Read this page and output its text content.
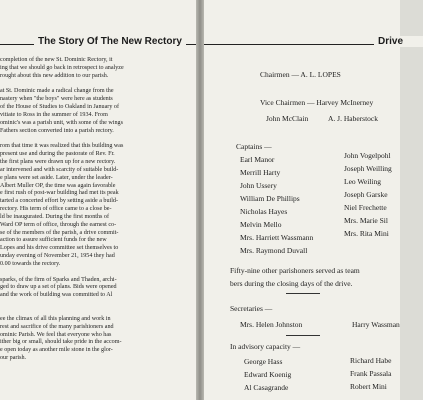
The Story Of The New Rectory
completion of the new St. Dominic Rectory, it
ing that we should go back in retrospect to analyze
rought about this new addition to our parish.
at St. Dominic made a radical change from the
nastery when "the boys" were here as students
of the House of Studies to Oakland in January of
vitiate to Ross in the summer of 1934. From
ominic's was a parish unit, with some of the wings
Fathers section converted into a parish rectory.
rom that time it was realized that this building was
present use and during the pastorate of Rev. Fr.
the first plans were drawn up for a new rectory.
ar intervened and with scarcity of suitable build-
e plans were set aside. Later, under the leader-
Albert Muller OP, the time was again favorable
e first rush of post-war building had met its peak
tarted a concerted effort by setting aside a build-
rectory. His term of office came to a close be-
ld be inaugurated. During the first months of
Ward OP term of office, through the earnest co-
se of the members of the parish, a drive commit-
action to assure sufficient funds for the new
Lopes and his drive committee set themselves to
unday evening of November 21, 1954 they had
0.00 towards the rectory.
sparks, of the firm of Sparks and Thaden, archi-
ged to draw up a set of plans. Bids were opened
and the work of building was committed to Al
ee the climax of all this planning and work in
rest and sacrifice of the many parishioners and
ominic Parish. We feel that everyone who has
ither big or small, should take pride in the accom-
e open today as another mile stone in the glor-
our parish.
Drive
Chairmen — A. L. LOPES
Vice Chairmen — Harvey McInerney
John McClain	A. J. Haberstock
Captains —
Earl Manor
Merrill Harty
John Ussery
William De Phillips
Nicholas Hayes
Melvin Mello
Mrs. Harriett Wassmann
Mrs. Raymond Duvall
John Vogelpohl
Joseph Weilling
Leo Weiling
Joseph Garske
Niel Frechette
Mrs. Marie Sil
Mrs. Rita Mini
Fifty-nine other parishoners served as team
bers during the closing days of the drive.
Secretaries —
Mrs. Helen Johnston	Harry Wassman
In advisory capacity —
George Hass
Edward Koenig
Al Casagrande
Richard Habe
Frank Passala
Robert Mini
